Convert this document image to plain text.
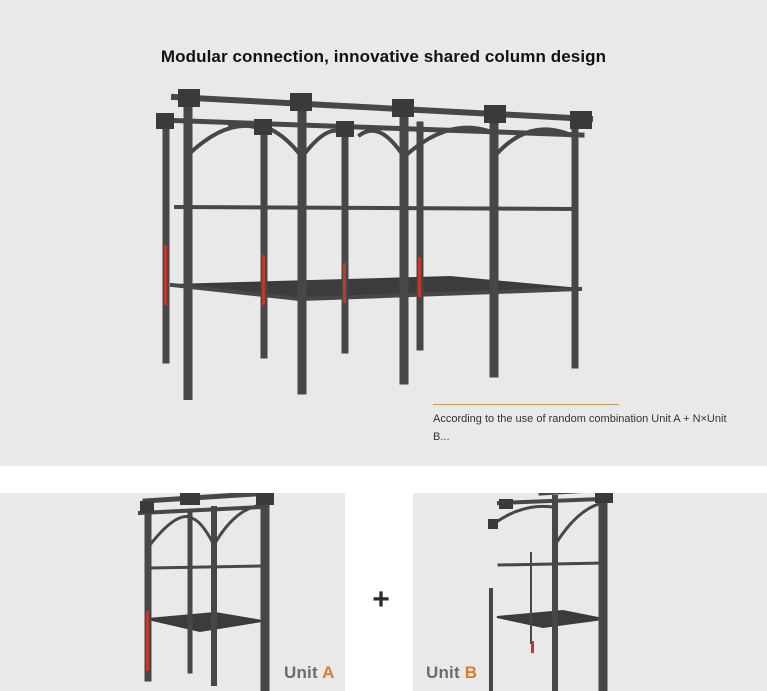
Modular connection, innovative shared column design
According to the use of random combination Unit A + N×Unit B...
Unit A
+
Unit B
